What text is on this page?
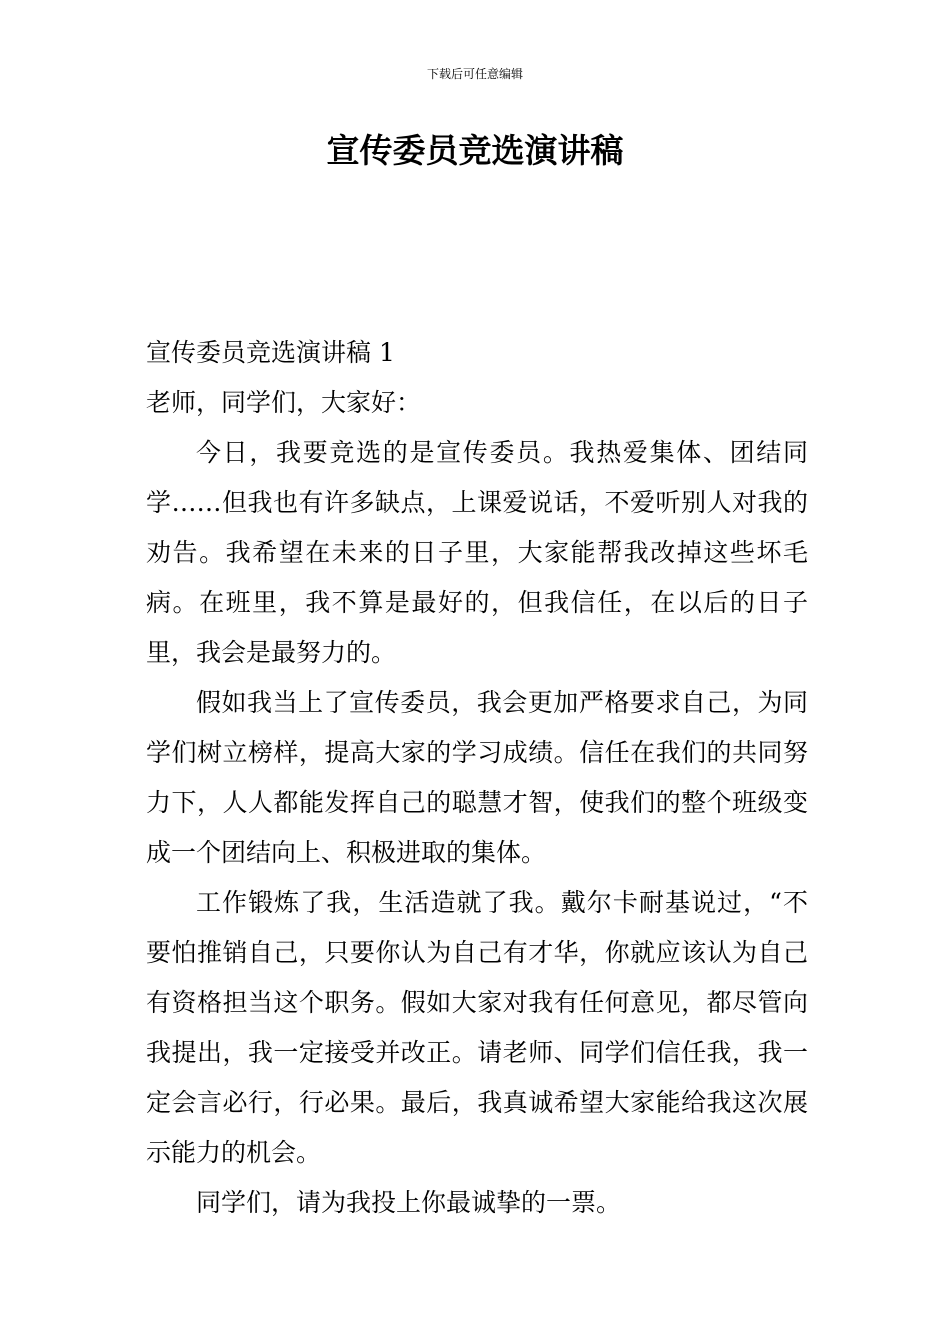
下载后可任意编辑
宣传委员竞选演讲稿

宣传委员竞选演讲稿 1

老师，同学们，大家好：

今日，我要竞选的是宣传委员。我热爱集体、团结同学……但我也有许多缺点，上课爱说话，不爱听别人对我的劝告。我希望在未来的日子里，大家能帮我改掉这些坏毛病。在班里，我不算是最好的，但我信任，在以后的日子里，我会是最努力的。

假如我当上了宣传委员，我会更加严格要求自己，为同学们树立榜样，提高大家的学习成绩。信任在我们的共同努力下，人人都能发挥自己的聪慧才智，使我们的整个班级变成一个团结向上、积极进取的集体。

工作锻炼了我，生活造就了我。戴尔卡耐基说过，“不要怕推销自己，只要你认为自己有才华，你就应该认为自己有资格担当这个职务。假如大家对我有任何意见，都尽管向我提出，我一定接受并改正。请老师、同学们信任我，我一定会言必行，行必果。最后，我真诚希望大家能给我这次展示能力的机会。

同学们，请为我投上你最诚挚的一票。
